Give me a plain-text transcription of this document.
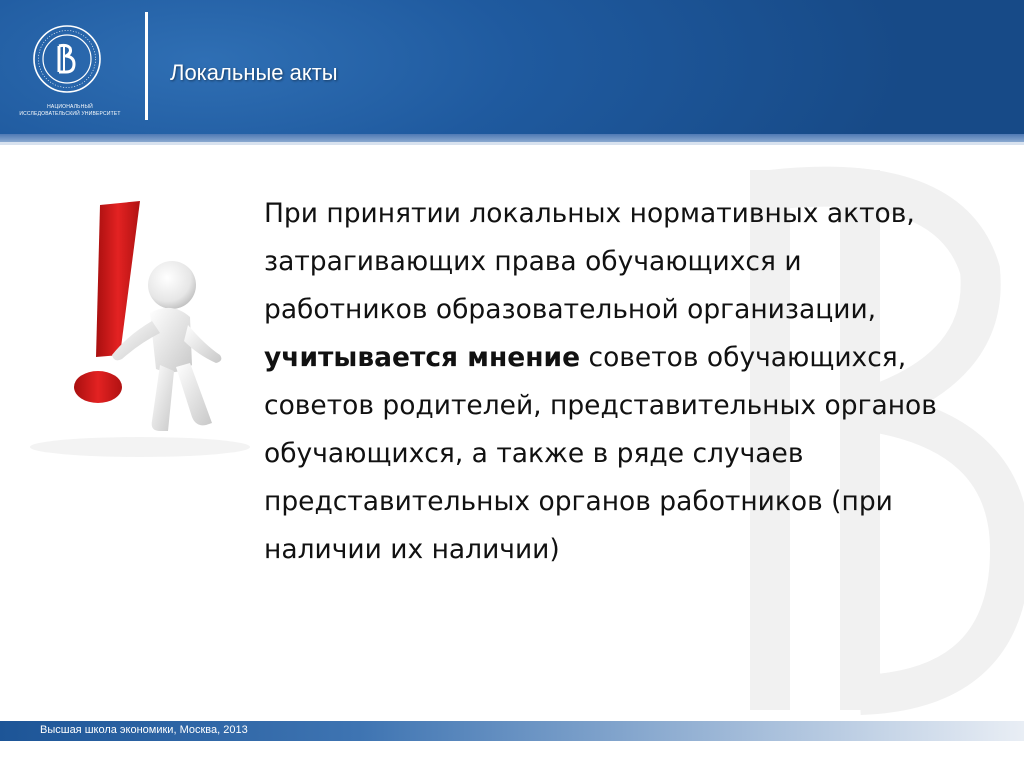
НАЦИОНАЛЬНЫЙ ИССЛЕДОВАТЕЛЬСКИЙ УНИВЕРСИТЕТ
Локальные акты

При принятии локальных нормативных актов, затрагивающих права обучающихся и работников образовательной организации, учитывается мнение советов обучающихся, советов родителей, представительных органов обучающихся, а также в ряде случаев представительных органов работников (при наличии их наличии)

Высшая школа экономики, Москва, 2013
